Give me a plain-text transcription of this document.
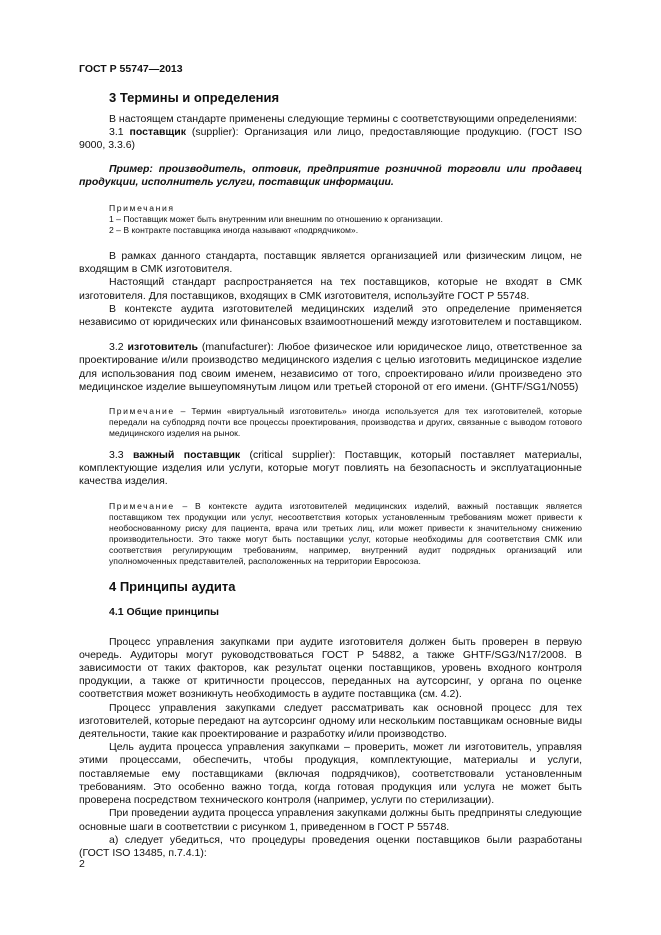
ГОСТ Р 55747—2013
3 Термины и определения

В настоящем стандарте применены следующие термины с соответствующими определениями:

3.1 поставщик (supplier): Организация или лицо, предоставляющие продукцию. (ГОСТ ISO 9000, 3.3.6)

Пример: производитель, оптовик, предприятие розничной торговли или продавец продукции, исполнитель услуги, поставщик информации.

Примечания

1 – Поставщик может быть внутренним или внешним по отношению к организации.

2 – В контракте поставщика иногда называют «подрядчиком».

В рамках данного стандарта, поставщик является организацией или физическим лицом, не входящим в СМК изготовителя.

Настоящий стандарт распространяется на тех поставщиков, которые не входят в СМК изготовителя. Для поставщиков, входящих в СМК изготовителя, используйте ГОСТ Р 55748.

В контексте аудита изготовителей медицинских изделий это определение применяется независимо от юридических или финансовых взаимоотношений между изготовителем и поставщиком.

3.2 изготовитель (manufacturer): Любое физическое или юридическое лицо, ответственное за проектирование и/или производство медицинского изделия с целью изготовить медицинское изделие для использования под своим именем, независимо от того, спроектировано и/или произведено это медицинское изделие вышеупомянутым лицом или третьей стороной от его имени. (GHTF/SG1/N055)

Примечание – Термин «виртуальный изготовитель» иногда используется для тех изготовителей, которые передали на субподряд почти все процессы проектирования, производства и других, связанные с выводом готового медицинского изделия на рынок.

3.3 важный поставщик (critical supplier): Поставщик, который поставляет материалы, комплектующие изделия или услуги, которые могут повлиять на безопасность и эксплуатационные качества изделия.

Примечание – В контексте аудита изготовителей медицинских изделий, важный поставщик является поставщиком тех продукции или услуг, несоответствия которых установленным требованиям может привести к необоснованному риску для пациента, врача или третьих лиц, или может привести к значительному снижению производительности. Это также могут быть поставщики услуг, которые необходимы для соответствия СМК или соответствия регулирующим требованиям, например, внутренний аудит подрядных организаций или уполномоченных представителей, расположенных на территории Евросоюза.

4 Принципы аудита
4.1 Общие принципы

Процесс управления закупками при аудите изготовителя должен быть проверен в первую очередь. Аудиторы могут руководствоваться ГОСТ Р 54882, а также GHTF/SG3/N17/2008. В зависимости от таких факторов, как результат оценки поставщиков, уровень входного контроля продукции, а также от критичности процессов, переданных на аутсорсинг, у органа по оценке соответствия может возникнуть необходимость в аудите поставщика (см. 4.2).

Процесс управления закупками следует рассматривать как основной процесс для тех изготовителей, которые передают на аутсорсинг одному или нескольким поставщикам основные виды деятельности, такие как проектирование и разработку и/или производство.

Цель аудита процесса управления закупками – проверить, может ли изготовитель, управляя этими процессами, обеспечить, чтобы продукция, комплектующие, материалы и услуги, поставляемые ему поставщиками (включая подрядчиков), соответствовали установленным требованиям. Это особенно важно тогда, когда готовая продукция или услуга не может быть проверена посредством технического контроля (например, услуги по стерилизации).

При проведении аудита процесса управления закупками должны быть предприняты следующие основные шаги в соответствии с рисунком 1, приведенном в ГОСТ Р 55748.

а) следует убедиться, что процедуры проведения оценки поставщиков были разработаны (ГОСТ ISO 13485, п.7.4.1):

2
